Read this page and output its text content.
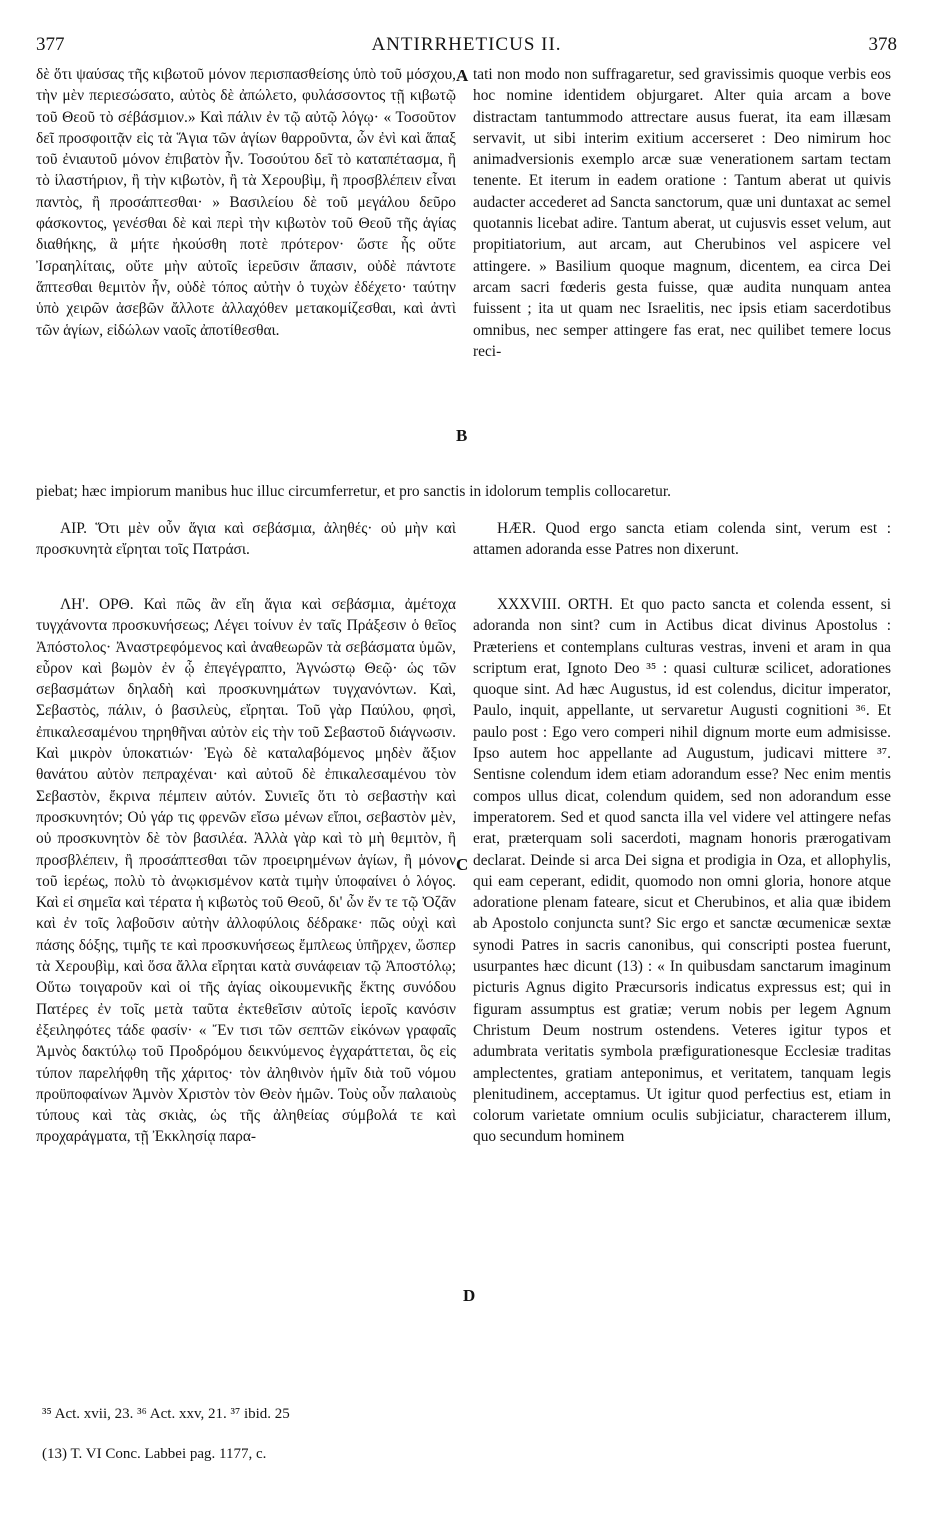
377	ANTIRRHETICUS II.	378

δὲ ὅτι ψαύσας τῆς κιβωτοῦ μόνον περισπασθείσης ὑπὸ τοῦ μόσχου, τὴν μὲν περιεσώσατο, αὐτὸς δὲ ἀπώλετο, φυλάσσοντος τῇ κιβωτῷ τοῦ Θεοῦ τὸ σέβάσμιον.» Καὶ πάλιν ἐν τῷ αὐτῷ λόγῳ· « Τοσοῦτον δεῖ προσφοιτᾷν εἰς τὰ Ἅγια τῶν ἁγίων θαρροῦντα, ὧν ἐνὶ καὶ ἅπαξ τοῦ ἐνιαυτοῦ μόνον ἐπιβατὸν ἦν. Τοσούτου δεῖ τὸ καταπέτασμα, ἢ τὸ ἱλαστήριον, ἢ τὴν κιβωτὸν, ἢ τὰ Χερουβὶμ, ἢ προσβλέπειν εἶναι παντὸς, ἢ προσάπτεσθαι· » Βασιλείου δὲ τοῦ μεγάλου δεῦρο φάσκοντος, γενέσθαι δὲ καὶ περὶ τὴν κιβωτὸν τοῦ Θεοῦ τῆς ἁγίας διαθήκης, ἃ μήτε ἠκούσθη ποτὲ πρότερον· ὥστε ἧς οὔτε Ἰσραηλίταις, οὔτε μὴν αὐτοῖς ἱερεῦσιν ἅπασιν, οὐδὲ πάντοτε ἅπτεσθαι θεμιτὸν ἦν, οὐδὲ τόπος αὐτὴν ὁ τυχὼν ἐδέχετο· ταύτην ὑπὸ χειρῶν ἀσεβῶν ἄλλοτε ἀλλαχόθεν μετακομίζεσθαι, καὶ ἀντὶ τῶν ἁγίων, εἰδώλων ναοῖς ἀποτίθεσθαι.

tati non modo non suffragaretur, sed gravissimis quoque verbis eos hoc nomine identidem objurgaret. Alter quia arcam a bove distractam tantummodo attrectare ausus fuerat, ita eam illæsam servavit, ut sibi interim exitium accerseret : Deo nimirum hoc animadversionis exemplo arcæ suæ venerationem sartam tectam tenente. Et iterum in eadem oratione : Tantum aberat ut quivis audacter accederet ad Sancta sanctorum, quæ uni duntaxat ac semel quotannis licebat adire. Tantum aberat, ut cujusvis esset velum, aut propitiatorium, aut arcam, aut Cherubinos vel aspicere vel attingere. » Basilium quoque magnum, dicentem, ea circa Dei arcam sacri fœderis gesta fuisse, quæ audita nunquam antea fuissent ; ita ut quam nec Israelitis, nec ipsis etiam sacerdotibus omnibus, nec semper attingere fas erat, nec quilibet temere locus reci-

piebat; hæc impiorum manibus huc illuc circumferretur, et pro sanctis in idolorum templis collocaretur.

ΑΙΡ. Ὅτι μὲν οὖν ἅγια καὶ σεβάσμια, ἀληθές· οὐ μὴν καὶ προσκυνητὰ εἴρηται τοῖς Πατράσι.

HÆR. Quod ergo sancta etiam colenda sint, verum est : attamen adoranda esse Patres non dixerunt.

ΛΗ'. ΟΡΘ. Καὶ πῶς ἂν εἴη ἅγια καὶ σεβάσμια, ἀμέτοχα τυγχάνοντα προσκυνήσεως; Λέγει τοίνυν ἐν ταῖς Πράξεσιν ὁ θεῖος Ἀπόστολος· Ἀναστρεφόμενος καὶ ἀναθεωρῶν τὰ σεβάσματα ὑμῶν, εὗρον καὶ βωμὸν ἐν ᾧ ἐπεγέγραπτο, Ἀγνώστῳ Θεῷ· ὡς τῶν σεβασμάτων δηλαδὴ καὶ προσκυνημάτων τυγχανόντων. Καὶ, Σεβαστὸς, πάλιν, ὁ βασιλεὺς, εἴρηται. Τοῦ γὰρ Παύλου, φησὶ, ἐπικαλεσαμένου τηρηθῆναι αὐτὸν εἰς τὴν τοῦ Σεβαστοῦ διάγνωσιν. Καὶ μικρὸν ὑποκατιών· Ἐγὼ δὲ καταλαβόμενος μηδὲν ἄξιον θανάτου αὐτὸν πεπραχέναι· καὶ αὐτοῦ δὲ ἐπικαλεσαμένου τὸν Σεβαστὸν, ἔκρινα πέμπειν αὐτόν. Συνιεῖς ὅτι τὸ σεβαστὴν καὶ προσκυνητόν; Οὐ γάρ τις φρενῶν εἴσω μένων εἴποι, σεβαστὸν μὲν, οὐ προσκυνητὸν δὲ τὸν βασιλέα. Ἀλλὰ γὰρ καὶ τὸ μὴ θεμιτὸν, ἢ προσβλέπειν, ἢ προσάπτεσθαι τῶν προειρημένων ἁγίων, ἢ μόνον τοῦ ἱερέως, πολὺ τὸ ἀνῳκισμένον κατὰ τιμὴν ὑποφαίνει ὁ λόγος. Καὶ εἰ σημεῖα καὶ τέρατα ἡ κιβωτὸς τοῦ Θεοῦ, δι' ὧν ἔν τε τῷ Ὀζᾶν καὶ ἐν τοῖς λαβοῦσιν αὐτὴν ἀλλοφύλοις δέδρακε· πῶς οὐχὶ καὶ πάσης δόξης, τιμῆς τε καὶ προσκυνήσεως ἔμπλεως ὑπῆρχεν, ὥσπερ τὰ Χερουβὶμ, καὶ ὅσα ἄλλα εἴρηται κατὰ συνάφειαν τῷ Ἀποστόλῳ; Οὕτω τοιγαροῦν καὶ οἱ τῆς ἁγίας οἰκουμενικῆς ἕκτης συνόδου Πατέρες ἐν τοῖς μετὰ ταῦτα ἐκτεθεῖσιν αὐτοῖς ἱεροῖς κανόσιν ἐξειληφότες τάδε φασίν· « Ἔν τισι τῶν σεπτῶν εἰκόνων γραφαῖς Ἀμνὸς δακτύλῳ τοῦ Προδρόμου δεικνύμενος ἐγχαράττεται, ὃς εἰς τύπον παρελήφθη τῆς χάριτος· τὸν ἀληθινὸν ἡμῖν διὰ τοῦ νόμου προϋποφαίνων Ἀμνὸν Χριστὸν τὸν Θεὸν ἡμῶν. Τοὺς οὖν παλαιοὺς τύπους καὶ τὰς σκιὰς, ὡς τῆς ἀληθείας σύμβολά τε καὶ προχαράγματα, τῇ Ἐκκλησίᾳ παρα-

XXXVIII. ORTH. Et quo pacto sancta et colenda essent, si adoranda non sint? cum in Actibus dicat divinus Apostolus : Præteriens et contemplans culturas vestras, inveni et aram in qua scriptum erat, Ignoto Deo ³⁵ : quasi culturæ scilicet, adorationes quoque sint. Ad hæc Augustus, id est colendus, dicitur imperator, Paulo, inquit, appellante, ut servaretur Augusti cognitioni ³⁶. Et paulo post : Ego vero comperi nihil dignum morte eum admisisse. Ipso autem hoc appellante ad Augustum, judicavi mittere ³⁷. Sentisne colendum idem etiam adorandum esse? Nec enim mentis compos ullus dicat, colendum quidem, sed non adorandum esse imperatorem. Sed et quod sancta illa vel videre vel attingere nefas erat, præterquam soli sacerdoti, magnam honoris prærogativam declarat. Deinde si arca Dei signa et prodigia in Oza, et allophylis, qui eam ceperant, edidit, quomodo non omni gloria, honore atque adoratione plenam fateare, sicut et Cherubinos, et alia quæ ibidem ab Apostolo conjuncta sunt? Sic ergo et sanctæ œcumenicæ sextæ synodi Patres in sacris canonibus, qui conscripti postea fuerunt, usurpantes hæc dicunt (13) : « In quibusdam sanctarum imaginum picturis Agnus digito Præcursoris indicatus expressus est; qui in figuram assumptus est gratiæ; verum nobis per legem Agnum Christum Deum nostrum ostendens. Veteres igitur typos et adumbrata veritatis symbola præfigurationesque Ecclesiæ traditas amplectentes, gratiam anteponimus, et veritatem, tanquam legis plenitudinem, acceptamus. Ut igitur quod perfectius est, etiam in colorum varietate omnium oculis subjiciatur, characterem illum, quo secundum hominem

A
B
C
D
³⁵ Act. xvii, 23. ³⁶ Act. xxv, 21. ³⁷ ibid. 25
(13) T. VI Conc. Labbei pag. 1177, c.
